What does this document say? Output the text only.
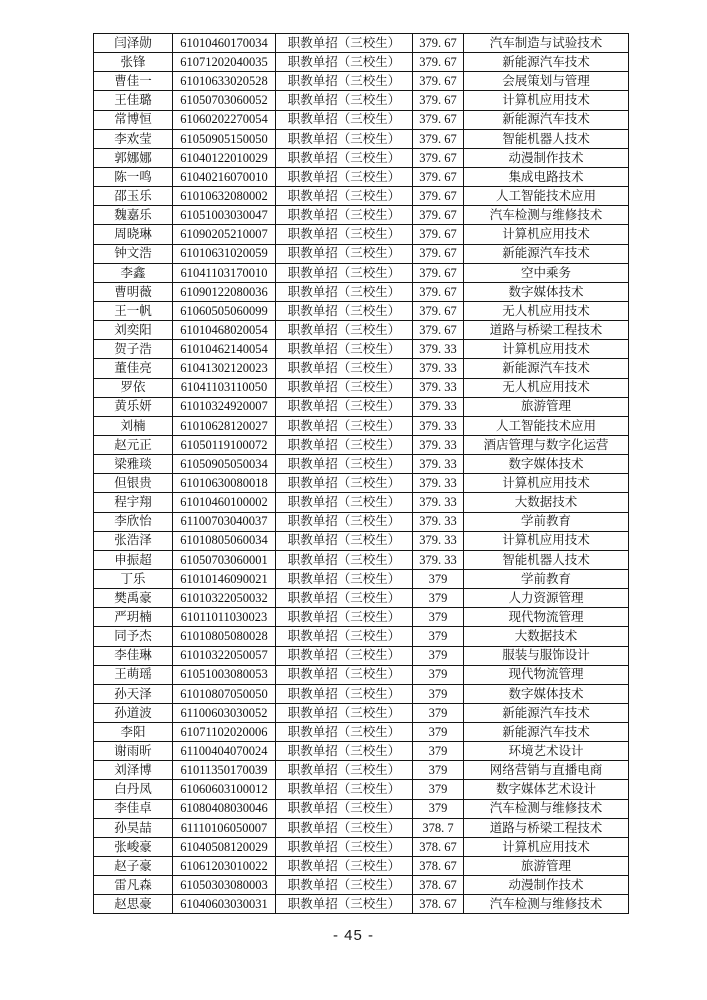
闫泽勋	61010460170034	职教单招（三校生）	379. 67	汽车制造与试验技术
张锋	61071202040035	职教单招（三校生）	379. 67	新能源汽车技术
曹佳一	61010633020528	职教单招（三校生）	379. 67	会展策划与管理
王佳璐	61050703060052	职教单招（三校生）	379. 67	计算机应用技术
常博恒	61060202270054	职教单招（三校生）	379. 67	新能源汽车技术
李欢莹	61050905150050	职教单招（三校生）	379. 67	智能机器人技术
郭娜娜	61040122010029	职教单招（三校生）	379. 67	动漫制作技术
陈一鸣	61040216070010	职教单招（三校生）	379. 67	集成电路技术
邵玉乐	61010632080002	职教单招（三校生）	379. 67	人工智能技术应用
魏嘉乐	61051003030047	职教单招（三校生）	379. 67	汽车检测与维修技术
周晓琳	61090205210007	职教单招（三校生）	379. 67	计算机应用技术
钟文浩	61010631020059	职教单招（三校生）	379. 67	新能源汽车技术
李鑫	61041103170010	职教单招（三校生）	379. 67	空中乘务
曹明薇	61090122080036	职教单招（三校生）	379. 67	数字媒体技术
王一帆	61060505060099	职教单招（三校生）	379. 67	无人机应用技术
刘奕阳	61010468020054	职教单招（三校生）	379. 67	道路与桥梁工程技术
贺子浩	61010462140054	职教单招（三校生）	379. 33	计算机应用技术
董佳亮	61041302120023	职教单招（三校生）	379. 33	新能源汽车技术
罗依	61041103110050	职教单招（三校生）	379. 33	无人机应用技术
黄乐妍	61010324920007	职教单招（三校生）	379. 33	旅游管理
刘楠	61010628120027	职教单招（三校生）	379. 33	人工智能技术应用
赵元正	61050119100072	职教单招（三校生）	379. 33	酒店管理与数字化运营
梁雅琰	61050905050034	职教单招（三校生）	379. 33	数字媒体技术
但银贵	61010630080018	职教单招（三校生）	379. 33	计算机应用技术
程宇翔	61010460100002	职教单招（三校生）	379. 33	大数据技术
李欣怡	61100703040037	职教单招（三校生）	379. 33	学前教育
张浩泽	61010805060034	职教单招（三校生）	379. 33	计算机应用技术
申振超	61050703060001	职教单招（三校生）	379. 33	智能机器人技术
丁乐	61010146090021	职教单招（三校生）	379	学前教育
樊禹豪	61010322050032	职教单招（三校生）	379	人力资源管理
严玥楠	61011011030023	职教单招（三校生）	379	现代物流管理
同予杰	61010805080028	职教单招（三校生）	379	大数据技术
李佳琳	61010322050057	职教单招（三校生）	379	服装与服饰设计
王萌瑶	61051003080053	职教单招（三校生）	379	现代物流管理
孙天泽	61010807050050	职教单招（三校生）	379	数字媒体技术
孙道波	61100603030052	职教单招（三校生）	379	新能源汽车技术
李阳	61071102020006	职教单招（三校生）	379	新能源汽车技术
谢雨昕	61100404070024	职教单招（三校生）	379	环境艺术设计
刘泽博	61011350170039	职教单招（三校生）	379	网络营销与直播电商
白丹凤	61060603100012	职教单招（三校生）	379	数字媒体艺术设计
李佳卓	61080408030046	职教单招（三校生）	379	汽车检测与维修技术
孙昊喆	61110106050007	职教单招（三校生）	378. 7	道路与桥梁工程技术
张峻豪	61040508120029	职教单招（三校生）	378. 67	计算机应用技术
赵子豪	61061203010022	职教单招（三校生）	378. 67	旅游管理
雷凡森	61050303080003	职教单招（三校生）	378. 67	动漫制作技术
赵思豪	61040603030031	职教单招（三校生）	378. 67	汽车检测与维修技术
- 45 -
